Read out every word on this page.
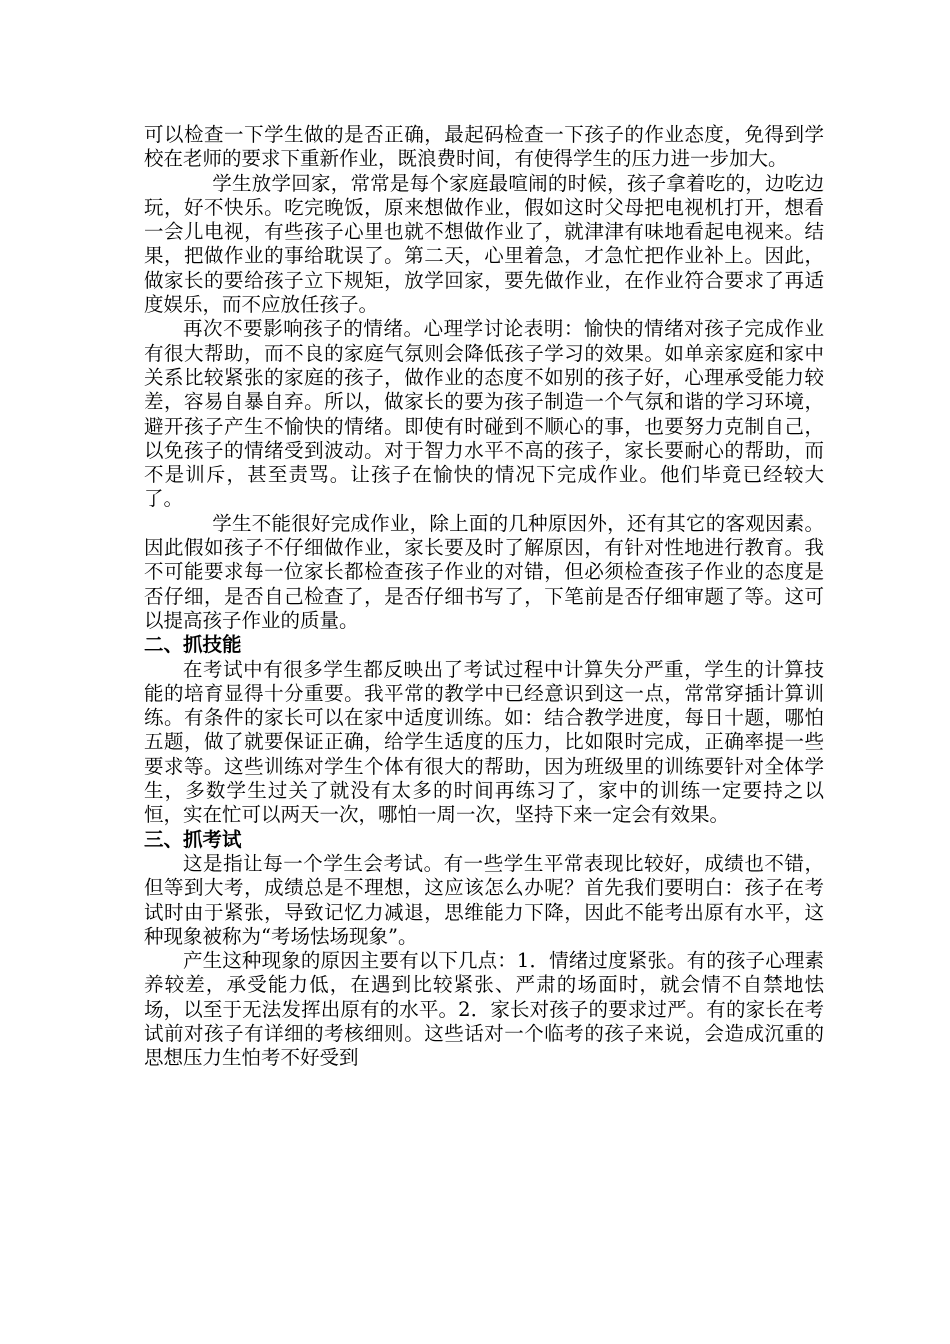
可以检查一下学生做的是否正确，最起码检查一下孩子的作业态度，免得到学校在老师的要求下重新作业，既浪费时间，有使得学生的压力进一步加大。

学生放学回家，常常是每个家庭最喧闹的时候，孩子拿着吃的，边吃边玩，好不快乐。吃完晚饭，原来想做作业，假如这时父母把电视机打开，想看一会儿电视，有些孩子心里也就不想做作业了，就津津有味地看起电视来。结果，把做作业的事给耽误了。第二天，心里着急，才急忙把作业补上。因此，做家长的要给孩子立下规矩，放学回家，要先做作业，在作业符合要求了再适度娱乐，而不应放任孩子。

再次不要影响孩子的情绪。心理学讨论表明：愉快的情绪对孩子完成作业有很大帮助，而不良的家庭气氛则会降低孩子学习的效果。如单亲家庭和家中关系比较紧张的家庭的孩子，做作业的态度不如别的孩子好，心理承受能力较差，容易自暴自弃。所以，做家长的要为孩子制造一个气氛和谐的学习环境，避开孩子产生不愉快的情绪。即使有时碰到不顺心的事，也要努力克制自己，以免孩子的情绪受到波动。对于智力水平不高的孩子，家长要耐心的帮助，而不是训斥，甚至责骂。让孩子在愉快的情况下完成作业。他们毕竟已经较大了。

学生不能很好完成作业，除上面的几种原因外，还有其它的客观因素。因此假如孩子不仔细做作业，家长要及时了解原因，有针对性地进行教育。我不可能要求每一位家长都检查孩子作业的对错，但必须检查孩子作业的态度是否仔细，是否自己检查了，是否仔细书写了，下笔前是否仔细审题了等。这可以提高孩子作业的质量。

二、抓技能

在考试中有很多学生都反映出了考试过程中计算失分严重，学生的计算技能的培育显得十分重要。我平常的教学中已经意识到这一点，常常穿插计算训练。有条件的家长可以在家中适度训练。如：结合教学进度，每日十题，哪怕五题，做了就要保证正确，给学生适度的压力，比如限时完成，正确率提一些要求等。这些训练对学生个体有很大的帮助，因为班级里的训练要针对全体学生，多数学生过关了就没有太多的时间再练习了，家中的训练一定要持之以恒，实在忙可以两天一次，哪怕一周一次，坚持下来一定会有效果。

三、抓考试

这是指让每一个学生会考试。有一些学生平常表现比较好，成绩也不错，但等到大考，成绩总是不理想，这应该怎么办呢？首先我们要明白：孩子在考试时由于紧张，导致记忆力减退，思维能力下降，因此不能考出原有水平，这种现象被称为“考场怯场现象”。

产生这种现象的原因主要有以下几点：1．情绪过度紧张。有的孩子心理素养较差，承受能力低，在遇到比较紧张、严肃的场面时，就会情不自禁地怯场，以至于无法发挥出原有的水平。2．家长对孩子的要求过严。有的家长在考试前对孩子有详细的考核细则。这些话对一个临考的孩子来说，会造成沉重的思想压力生怕考不好受到
